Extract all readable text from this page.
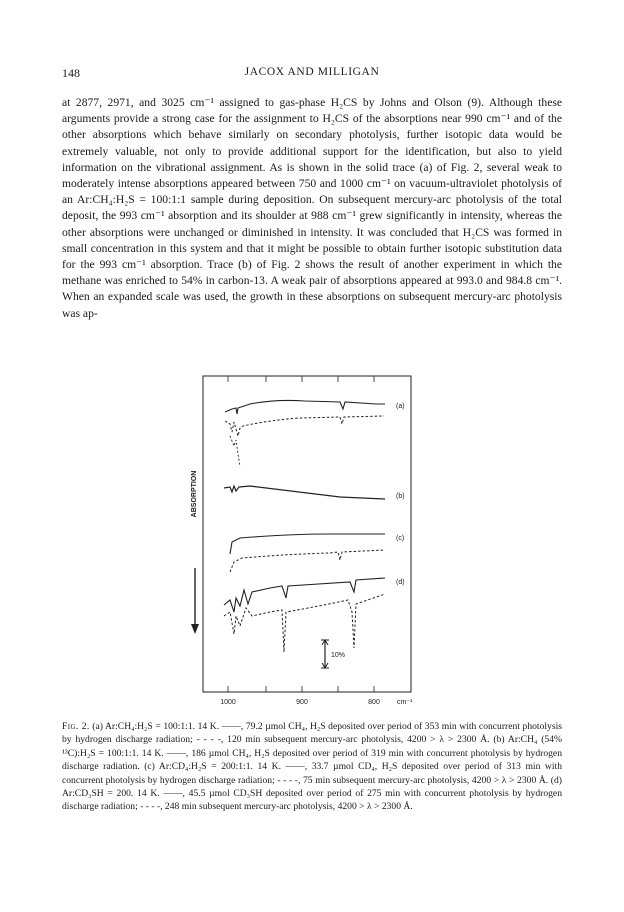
148	JACOX AND MILLIGAN

at 2877, 2971, and 3025 cm⁻¹ assigned to gas-phase H₂CS by Johns and Olson (9). Although these arguments provide a strong case for the assignment to H₂CS of the absorptions near 990 cm⁻¹ and of the other absorptions which behave similarly on secondary photolysis, further isotopic data would be extremely valuable, not only to provide additional support for the identification, but also to yield information on the vibrational assignment. As is shown in the solid trace (a) of Fig. 2, several weak to moderately intense absorptions appeared between 750 and 1000 cm⁻¹ on vacuum-ultraviolet photolysis of an Ar:CH₄:H₂S = 100:1:1 sample during deposition. On subsequent mercury-arc photolysis of the total deposit, the 993 cm⁻¹ absorption and its shoulder at 988 cm⁻¹ grew significantly in intensity, whereas the other absorptions were unchanged or diminished in intensity. It was concluded that H₂CS was formed in small concentration in this system and that it might be possible to obtain further isotopic substitution data for the 993 cm⁻¹ absorption. Trace (b) of Fig. 2 shows the result of another experiment in which the methane was enriched to 54% in carbon-13. A weak pair of absorptions appeared at 993.0 and 984.8 cm⁻¹. When an expanded scale was used, the growth in these absorptions on subsequent mercury-arc photolysis was ap-

ABSORPTION
(a)
(b)
(c)
(d)
10%
1000	900	800 cm⁻¹
Fig. 2. (a) Ar:CH₄:H₂S = 100:1:1. 14 K. ——, 79.2 µmol CH₄, H₂S deposited over period of 353 min with concurrent photolysis by hydrogen discharge radiation; - - - -, 120 min subsequent mercury-arc photolysis, 4200 > λ > 2300 Å. (b) Ar:CH₄ (54% ¹³C):H₂S = 100:1:1. 14 K. ——, 186 µmol CH₄, H₂S deposited over period of 319 min with concurrent photolysis by hydrogen discharge radiation. (c) Ar:CD₄:H₂S = 200:1:1. 14 K. ——, 33.7 µmol CD₄, H₂S deposited over period of 313 min with concurrent photolysis by hydrogen discharge radiation; - - - -, 75 min subsequent mercury-arc photolysis, 4200 > λ > 2300 Å. (d) Ar:CD₃SH = 200. 14 K. ——, 45.5 µmol CD₃SH deposited over period of 275 min with concurrent photolysis by hydrogen discharge radiation; - - - -, 248 min subsequent mercury-arc photolysis, 4200 > λ > 2300 Å.
